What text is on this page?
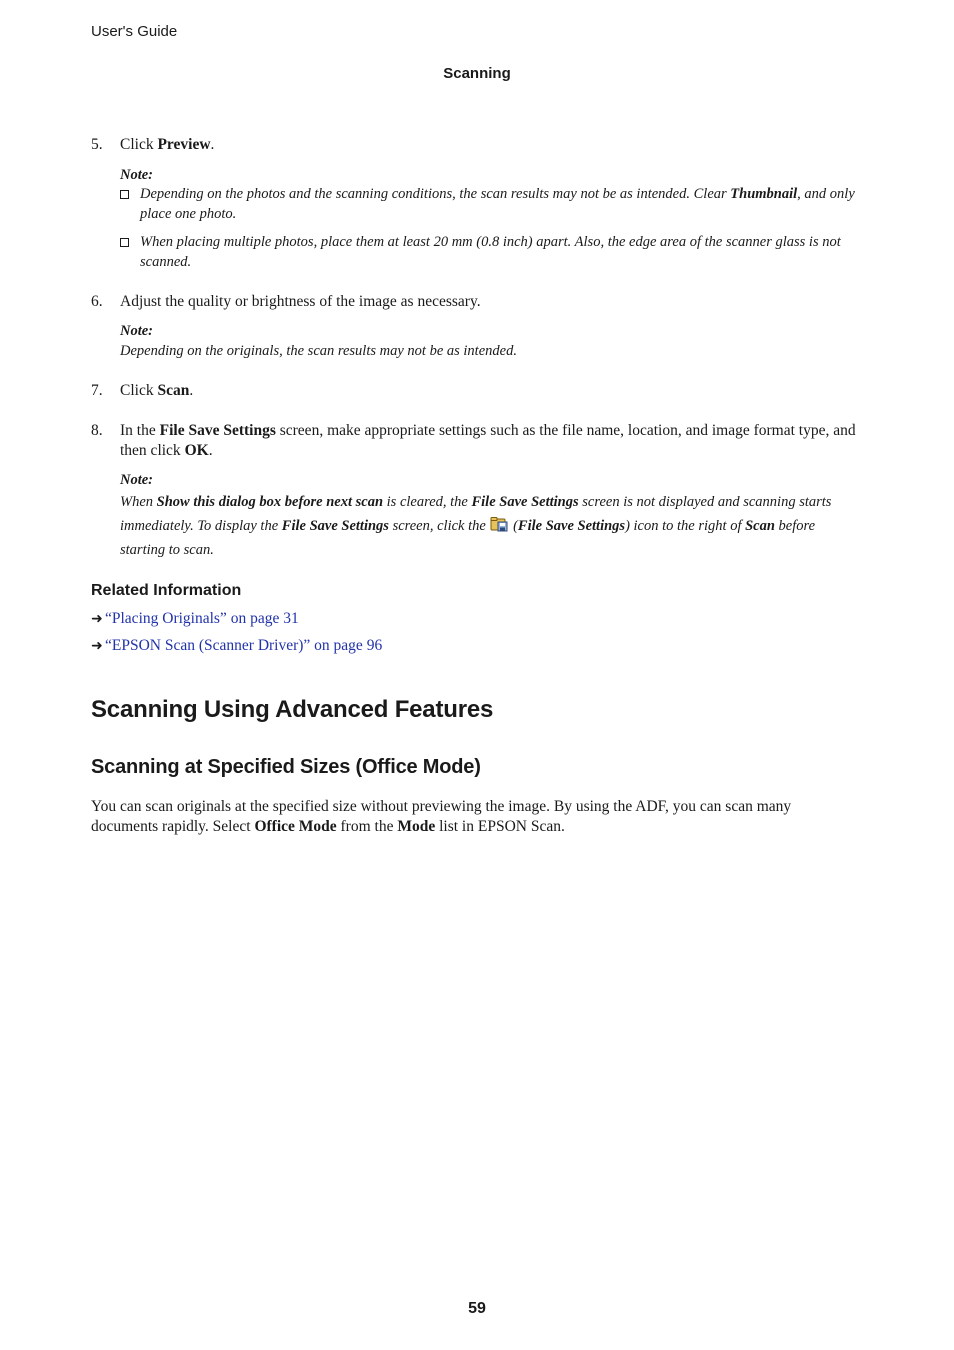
User's Guide
Scanning
5. Click Preview.
Note:
Depending on the photos and the scanning conditions, the scan results may not be as intended. Clear Thumbnail, and only place one photo.
When placing multiple photos, place them at least 20 mm (0.8 inch) apart. Also, the edge area of the scanner glass is not scanned.
6. Adjust the quality or brightness of the image as necessary.
Note:
Depending on the originals, the scan results may not be as intended.
7. Click Scan.
8. In the File Save Settings screen, make appropriate settings such as the file name, location, and image format type, and then click OK.
Note:
When Show this dialog box before next scan is cleared, the File Save Settings screen is not displayed and scanning starts immediately. To display the File Save Settings screen, click the  (File Save Settings) icon to the right of Scan before starting to scan.
Related Information
➜ “Placing Originals” on page 31
➜ “EPSON Scan (Scanner Driver)” on page 96
Scanning Using Advanced Features
Scanning at Specified Sizes (Office Mode)
You can scan originals at the specified size without previewing the image. By using the ADF, you can scan many documents rapidly. Select Office Mode from the Mode list in EPSON Scan.
59
